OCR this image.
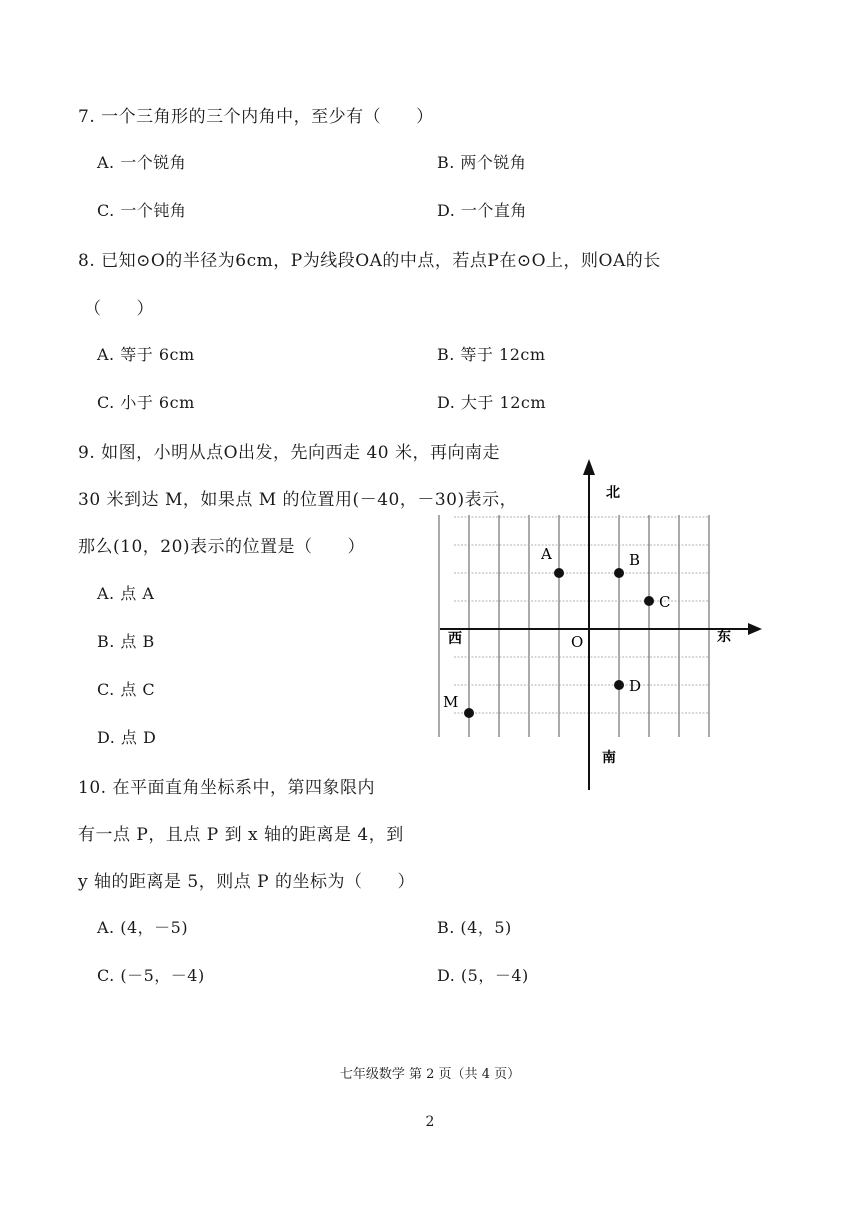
7. 一个三角形的三个内角中，至少有（　　）
A. 一个锐角	B. 两个锐角
C. 一个钝角	D. 一个直角
8. 已知⊙O的半径为6cm，P为线段OA的中点，若点P在⊙O上，则OA的长
（　　）
A. 等于 6cm	B. 等于 12cm
C. 小于 6cm	D. 大于 12cm
9. 如图，小明从点O出发，先向西走 40 米，再向南走
30 米到达 M，如果点 M 的位置用(－40，－30)表示，
那么(10，20)表示的位置是（　　）
A. 点 A
B. 点 B
C. 点 C
D. 点 D
北
南
东
西	O
A	B
C
D
M
10. 在平面直角坐标系中，第四象限内
有一点 P，且点 P 到 x 轴的距离是 4，到
y 轴的距离是 5，则点 P 的坐标为（　　）
A. (4，－5)	B. (4，5)
C. (－5，－4)	D. (5，－4)
七年级数学 第 2 页（共 4 页）
2
